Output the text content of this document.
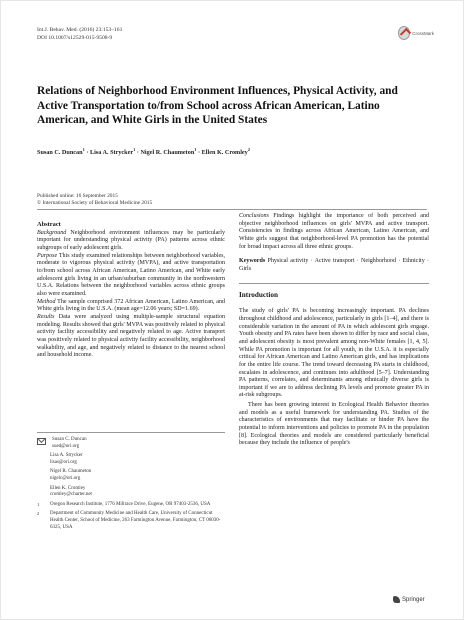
Int.J. Behav. Med. (2016) 23:153–161
DOI 10.1007/s12529-015-9508-9
CrossMark
Relations of Neighborhood Environment Influences, Physical Activity, and Active Transportation to/from School across African American, Latino American, and White Girls in the United States
Susan C. Duncan$^1$ · Lisa A. Strycker$^1$ · Nigel R. Chaumeton$^1$ · Ellen K. Cromley$^2$
Published online: 16 September 2015
© International Society of Behavioral Medicine 2015
Abstract

Background Neighborhood environment influences may be particularly important for understanding physical activity (PA) patterns across ethnic subgroups of early adolescent girls.

Purpose This study examined relationships between neighborhood variables, moderate to vigorous physical activity (MVPA), and active transportation to/from school across African American, Latino American, and White early adolescent girls living in an urban/suburban community in the northwestern U.S.A. Relations between the neighborhood variables across ethnic groups also were examined.

Method The sample comprised 372 African American, Latino American, and White girls living in the U.S.A. (mean age=12.06 years; SD=1.69).

Results Data were analyzed using multiple-sample structural equation modeling. Results showed that girls' MVPA was positively related to physical activity facility accessibility and negatively related to age. Active transport was positively related to physical activity facility accessibility, neighborhood walkability, and age, and negatively related to distance to the nearest school and household income.

Susan C. Duncan
sued@ori.org
Lisa A. Strycker
lisas@ori.org
Nigel R. Chaumeton
nigelc@ori.org
Ellen K. Cromley
cromley@charter.net
1	Oregon Research Institute, 1776 Millrace Drive, Eugene, OR 97403-2536, USA
2	Department of Community Medicine and Health Care, University of Connecticut Health Center, School of Medicine, 263 Farmington Avenue, Farmington, CT 06030-6325, USA

Conclusions Findings highlight the importance of both perceived and objective neighborhood influences on girls' MVPA and active transport. Consistencies in findings across African American, Latino American, and White girls suggest that neighborhood-level PA promotion has the potential for broad impact across all three ethnic groups.

Keywords Physical activity · Active transport · Neighborhood · Ethnicity · Girls

Introduction

The study of girls' PA is becoming increasingly important. PA declines throughout childhood and adolescence, particularly in girls [1–4], and there is considerable variation in the amount of PA in which adolescent girls engage. Youth obesity and PA rates have been shown to differ by race and social class, and adolescent obesity is most prevalent among non-White females [1, 4, 5]. While PA promotion is important for all youth, in the U.S.A. it is especially critical for African American and Latino American girls, and has implications for the entire life course. The trend toward decreasing PA starts in childhood, escalates in adolescence, and continues into adulthood [5–7]. Understanding PA patterns, correlates, and determinants among ethnically diverse girls is important if we are to address declining PA levels and promote greater PA in at-risk subgroups.

There has been growing interest in Ecological Health Behavior theories and models as a useful framework for understanding PA. Studies of the characteristics of environments that may facilitate or hinder PA have the potential to inform interventions and policies to promote PA in the population [8]. Ecological theories and models are considered particularly beneficial because they include the influence of people's

Springer
